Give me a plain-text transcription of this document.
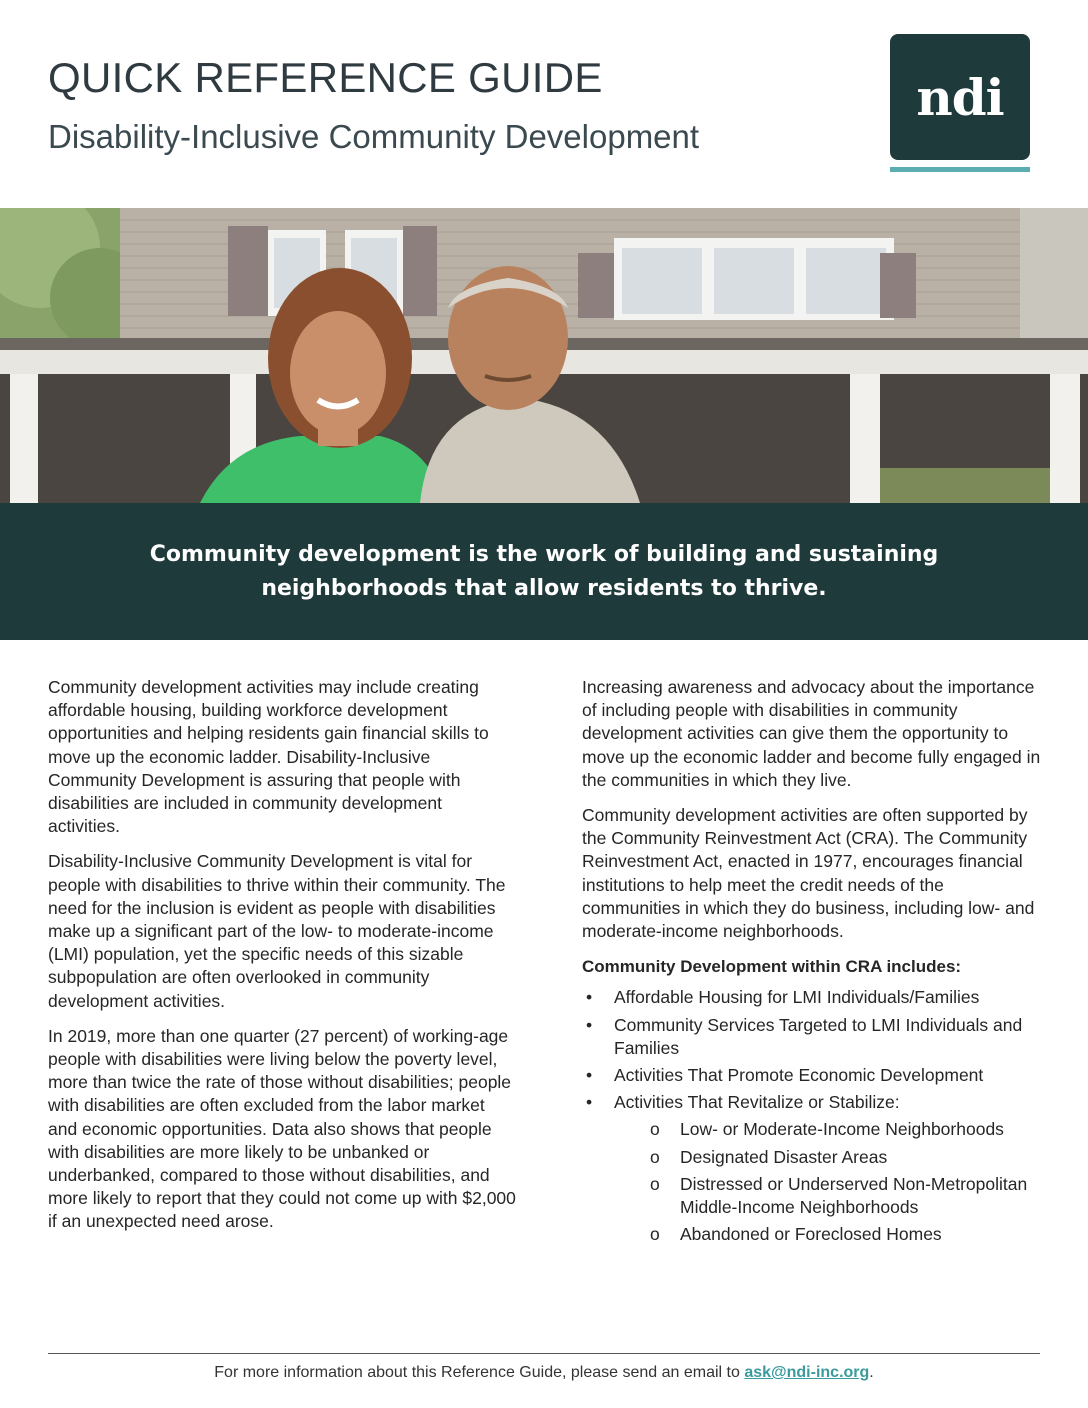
QUICK REFERENCE GUIDE
Disability-Inclusive Community Development
ndi

Community development is the work of building and sustaining neighborhoods that allow residents to thrive.

Community development activities may include creating affordable housing, building workforce development opportunities and helping residents gain financial skills to move up the economic ladder. Disability-Inclusive Community Development is assuring that people with disabilities are included in community development activities.

Disability-Inclusive Community Development is vital for people with disabilities to thrive within their community. The need for the inclusion is evident as people with disabilities make up a significant part of the low- to moderate-income (LMI) population, yet the specific needs of this sizable subpopulation are often overlooked in community development activities.

In 2019, more than one quarter (27 percent) of working-age people with disabilities were living below the poverty level, more than twice the rate of those without disabilities; people with disabilities are often excluded from the labor market and economic opportunities. Data also shows that people with disabilities are more likely to be unbanked or underbanked, compared to those without disabilities, and more likely to report that they could not come up with $2,000 if an unexpected need arose.

Increasing awareness and advocacy about the importance of including people with disabilities in community development activities can give them the opportunity to move up the economic ladder and become fully engaged in the communities in which they live.

Community development activities are often supported by the Community Reinvestment Act (CRA). The Community Reinvestment Act, enacted in 1977, encourages financial institutions to help meet the credit needs of the communities in which they do business, including low- and moderate-income neighborhoods.

Community Development within CRA includes:
• Affordable Housing for LMI Individuals/Families
• Community Services Targeted to LMI Individuals and Families
• Activities That Promote Economic Development
• Activities That Revitalize or Stabilize:
o Low- or Moderate-Income Neighborhoods
o Designated Disaster Areas
o Distressed or Underserved Non-Metropolitan Middle-Income Neighborhoods
o Abandoned or Foreclosed Homes
For more information about this Reference Guide, please send an email to ask@ndi-inc.org.
